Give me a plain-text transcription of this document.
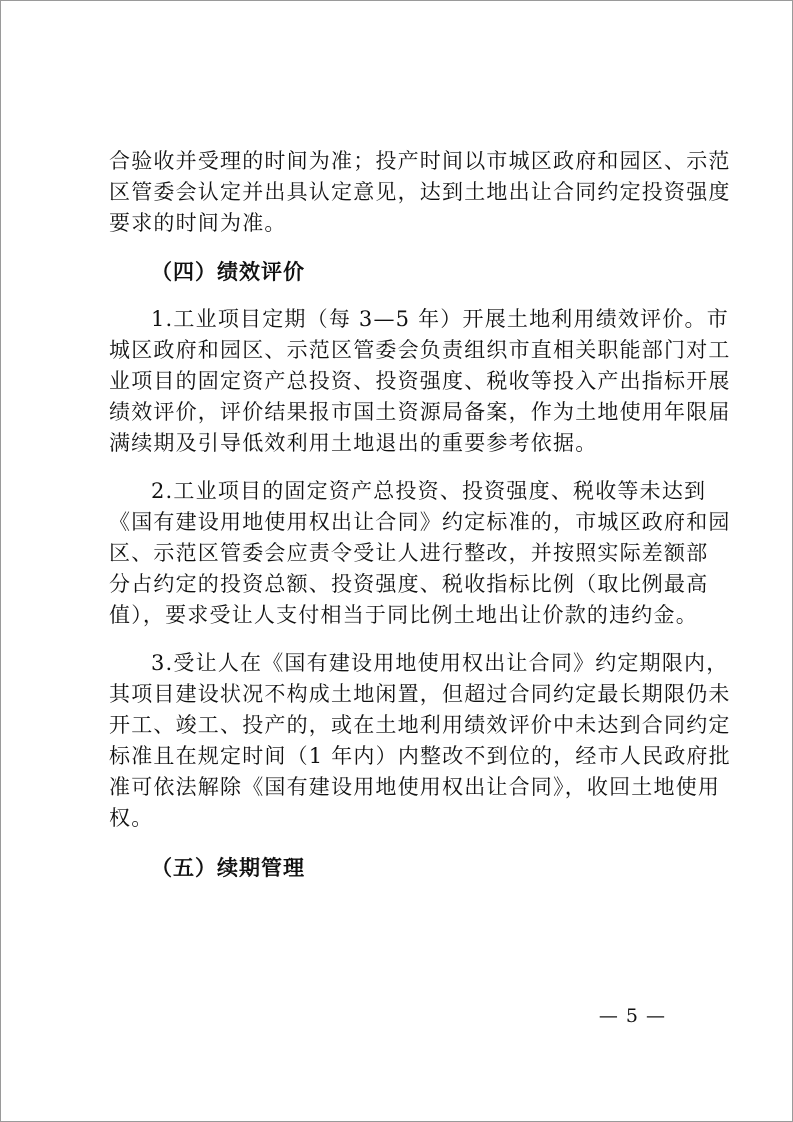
合验收并受理的时间为准；投产时间以市城区政府和园区、示范
区管委会认定并出具认定意见，达到土地出让合同约定投资强度
要求的时间为准。
（四）绩效评价
1.工业项目定期（每 3—5 年）开展土地利用绩效评价。市
城区政府和园区、示范区管委会负责组织市直相关职能部门对工
业项目的固定资产总投资、投资强度、税收等投入产出指标开展
绩效评价，评价结果报市国土资源局备案，作为土地使用年限届
满续期及引导低效利用土地退出的重要参考依据。
2.工业项目的固定资产总投资、投资强度、税收等未达到
《国有建设用地使用权出让合同》约定标准的，市城区政府和园
区、示范区管委会应责令受让人进行整改，并按照实际差额部
分占约定的投资总额、投资强度、税收指标比例（取比例最高
值），要求受让人支付相当于同比例土地出让价款的违约金。
3.受让人在《国有建设用地使用权出让合同》约定期限内，
其项目建设状况不构成土地闲置，但超过合同约定最长期限仍未
开工、竣工、投产的，或在土地利用绩效评价中未达到合同约定
标准且在规定时间（1 年内）内整改不到位的，经市人民政府批
准可依法解除《国有建设用地使用权出让合同》，收回土地使用
权。
（五）续期管理
— 5 —
